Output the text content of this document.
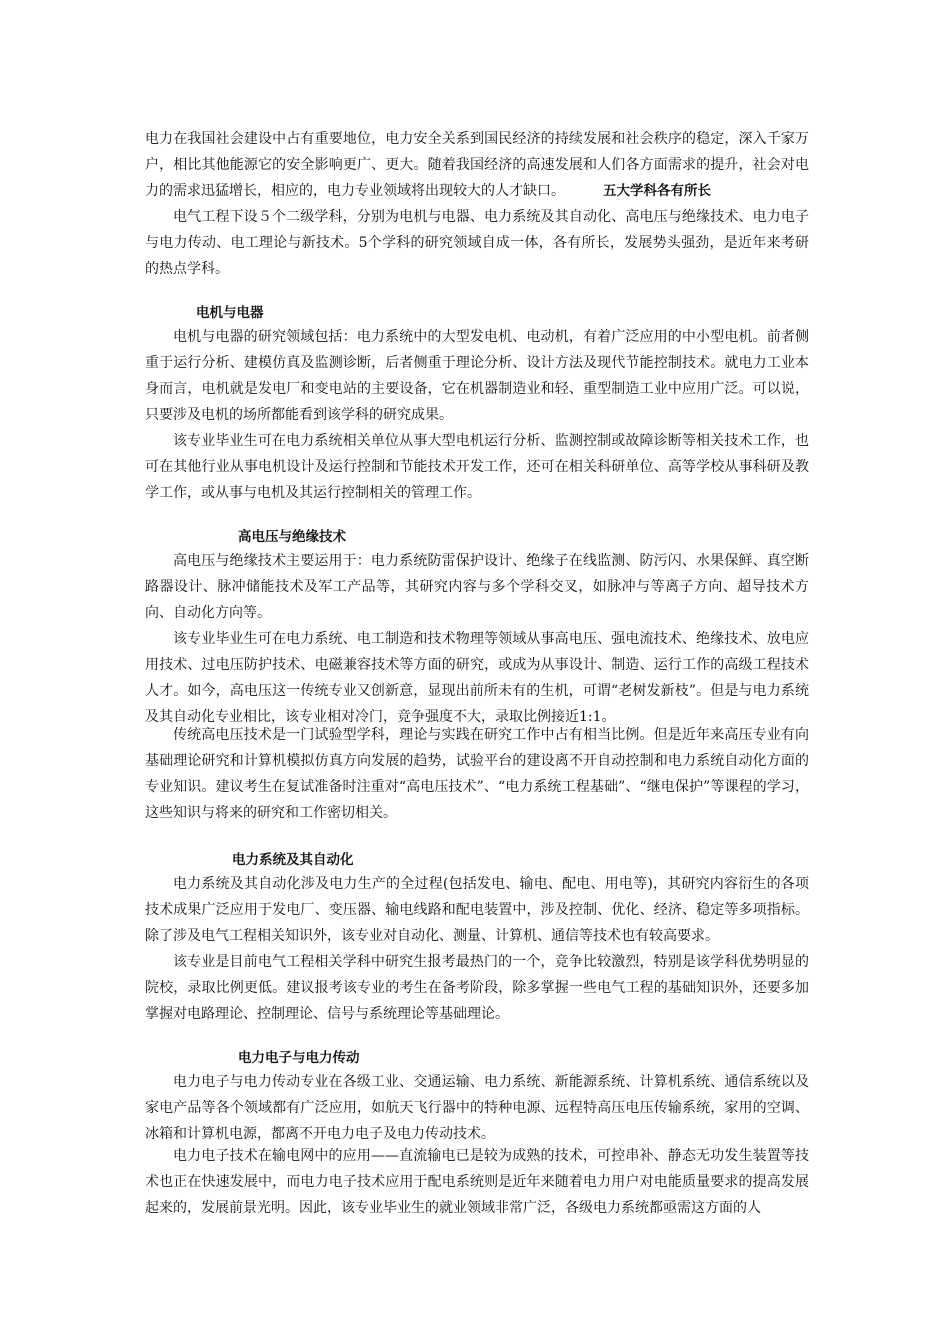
电力在我国社会建设中占有重要地位，电力安全关系到国民经济的持续发展和社会秩序的稳定，深入千家万户，相比其他能源它的安全影响更广、更大。随着我国经济的高速发展和人们各方面需求的提升，社会对电力的需求迅猛增长，相应的，电力专业领域将出现较大的人才缺口。	五大学科各有所长

电气工程下设５个二级学科，分别为电机与电器、电力系统及其自动化、高电压与绝缘技术、电力电子与电力传动、电工理论与新技术。5个学科的研究领域自成一体，各有所长，发展势头强劲，是近年来考研的热点学科。

电机与电器

电机与电器的研究领域包括：电力系统中的大型发电机、电动机，有着广泛应用的中小型电机。前者侧重于运行分析、建模仿真及监测诊断，后者侧重于理论分析、设计方法及现代节能控制技术。就电力工业本身而言，电机就是发电厂和变电站的主要设备，它在机器制造业和轻、重型制造工业中应用广泛。可以说，只要涉及电机的场所都能看到该学科的研究成果。

该专业毕业生可在电力系统相关单位从事大型电机运行分析、监测控制或故障诊断等相关技术工作，也可在其他行业从事电机设计及运行控制和节能技术开发工作，还可在相关科研单位、高等学校从事科研及教学工作，或从事与电机及其运行控制相关的管理工作。

高电压与绝缘技术

高电压与绝缘技术主要运用于：电力系统防雷保护设计、绝缘子在线监测、防污闪、水果保鲜、真空断路器设计、脉冲储能技术及军工产品等，其研究内容与多个学科交叉，如脉冲与等离子方向、超导技术方向、自动化方向等。

该专业毕业生可在电力系统、电工制造和技术物理等领域从事高电压、强电流技术、绝缘技术、放电应用技术、过电压防护技术、电磁兼容技术等方面的研究，或成为从事设计、制造、运行工作的高级工程技术人才。如今，高电压这一传统专业又创新意，显现出前所未有的生机，可谓“老树发新枝”。但是与电力系统及其自动化专业相比，该专业相对冷门，竞争强度不大，录取比例接近1:1。

传统高电压技术是一门试验型学科，理论与实践在研究工作中占有相当比例。但是近年来高压专业有向基础理论研究和计算机模拟仿真方向发展的趋势，试验平台的建设离不开自动控制和电力系统自动化方面的专业知识。建议考生在复试准备时注重对“高电压技术”、“电力系统工程基础”、“继电保护”等课程的学习，这些知识与将来的研究和工作密切相关。

电力系统及其自动化

电力系统及其自动化涉及电力生产的全过程(包括发电、输电、配电、用电等)，其研究内容衍生的各项技术成果广泛应用于发电厂、变压器、输电线路和配电装置中，涉及控制、优化、经济、稳定等多项指标。除了涉及电气工程相关知识外，该专业对自动化、测量、计算机、通信等技术也有较高要求。

该专业是目前电气工程相关学科中研究生报考最热门的一个，竞争比较激烈，特别是该学科优势明显的院校，录取比例更低。建议报考该专业的考生在备考阶段，除多掌握一些电气工程的基础知识外，还要多加掌握对电路理论、控制理论、信号与系统理论等基础理论。

电力电子与电力传动

电力电子与电力传动专业在各级工业、交通运输、电力系统、新能源系统、计算机系统、通信系统以及家电产品等各个领域都有广泛应用，如航天飞行器中的特种电源、远程特高压电压传输系统，家用的空调、冰箱和计算机电源，都离不开电力电子及电力传动技术。

电力电子技术在输电网中的应用——直流输电已是较为成熟的技术，可控串补、静态无功发生装置等技术也正在快速发展中，而电力电子技术应用于配电系统则是近年来随着电力用户对电能质量要求的提高发展起来的，发展前景光明。因此，该专业毕业生的就业领域非常广泛，各级电力系统都亟需这方面的人
